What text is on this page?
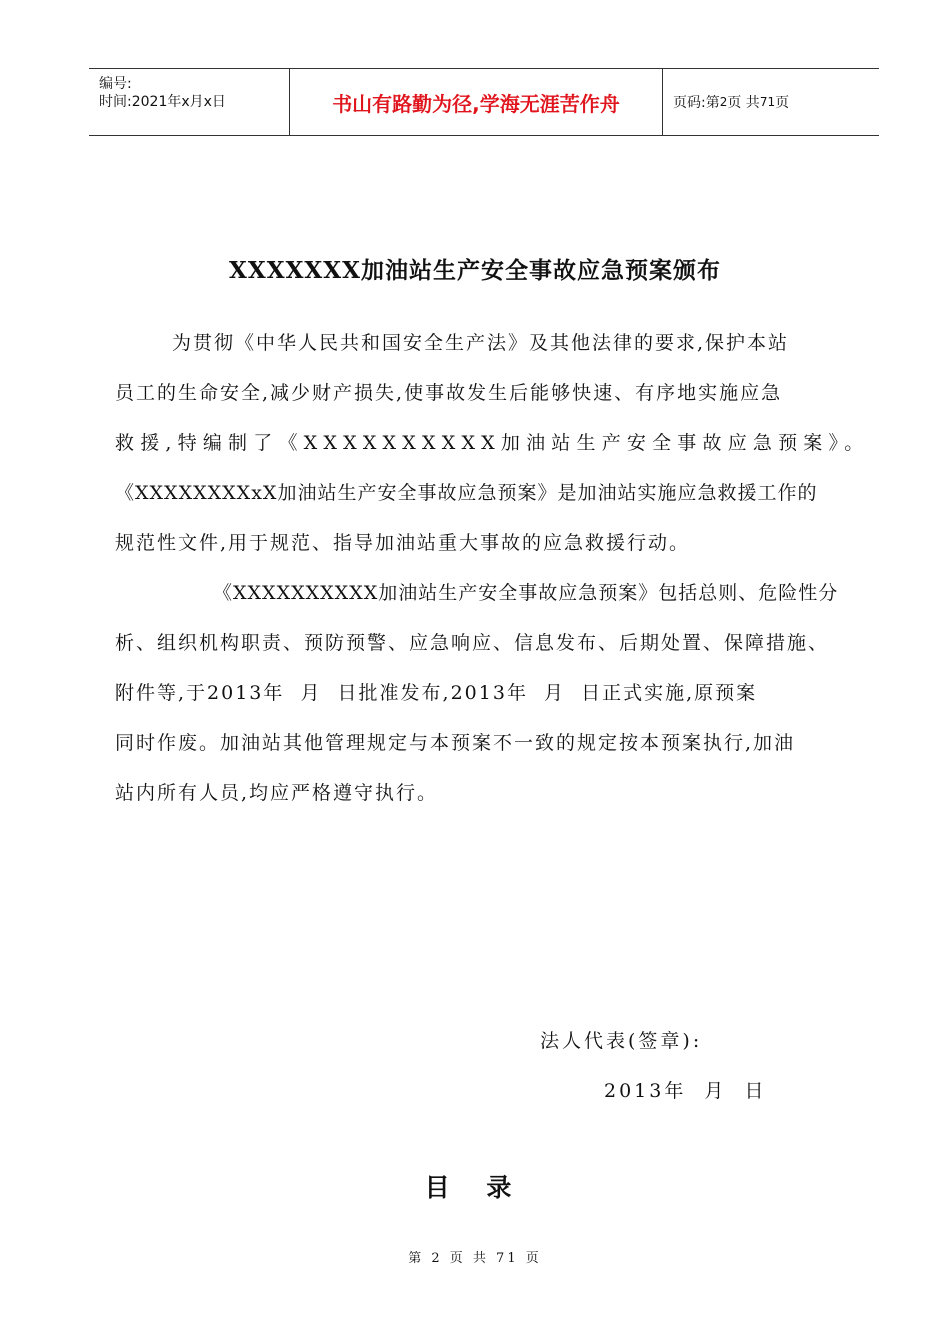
编号:
时间:2021年x月x日	书山有路勤为径,学海无涯苦作舟	页码:第 2 页 共 71 页
XXXXXXX加油站生产安全事故应急预案颁布
为贯彻《中华人民共和国安全生产法》及其他法律的要求,保护本站
员工的生命安全,减少财产损失,使事故发生后能够快速、有序地实施应急
救援,特编制了《XXXXXXXXXX加油站生产安全事故应急预案》。
《XXXXXXXXxX加油站生产安全事故应急预案》是加油站实施应急救援工作的
规范性文件,用于规范、指导加油站重大事故的应急救援行动。
《XXXXXXXXXX加油站生产安全事故应急预案》包括总则、危险性分
析、组织机构职责、预防预警、应急响应、信息发布、后期处置、保障措施、
附件等,于2013年  月  日批准发布,2013年  月  日正式实施,原预案
同时作废。加油站其他管理规定与本预案不一致的规定按本预案执行,加油
站内所有人员,均应严格遵守执行。
法人代表(签章):
2013年  月  日
目 录
第 2 页 共 71 页
